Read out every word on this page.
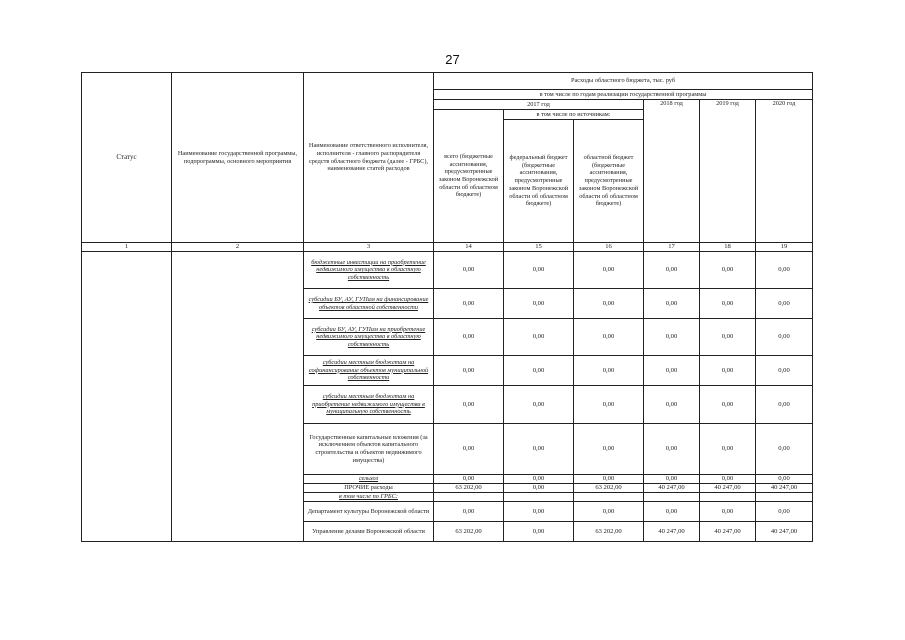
27
Статус	Наименование государственной программы, подпрограммы, основного мероприятия	Наименование ответственного исполнителя, исполнителя - главного распорядителя средств областного бюджета (далее - ГРБС), наименование статей расходов	Расходы областного бюджета, тыс. руб					
			в том числе по годам реализации государственной программы					
			2017 год			2018 год	2019 год	2020 год
			всего (бюджетные ассигнования, предусмотренные законом Воронежской области об областном бюджете)	в том числе по источникам:				
				федеральный бюджет (бюджетные ассигнования, предусмотренные законом Воронежской области об областном бюджете)	областной бюджет (бюджетные ассигнования, предусмотренные законом Воронежской области об областном бюджете)			
1	2	3	14	15	16	17	18	19
		бюджетные инвестиции на приобретение недвижимого имущества в областную собственность	0,00	0,00	0,00	0,00	0,00	0,00
		субсидии БУ, АУ, ГУПам на финансирование объектов областной собственности	0,00	0,00	0,00	0,00	0,00	0,00
		субсидии БУ, АУ, ГУПам на приобретение недвижимого имущества в областную собственность	0,00	0,00	0,00	0,00	0,00	0,00
		субсидии местным бюджетам на софинансирование объектов муниципальной собственности	0,00	0,00	0,00	0,00	0,00	0,00
		субсидии местным бюджетам на приобретение недвижимого имущества в муниципальную собственность	0,00	0,00	0,00	0,00	0,00	0,00
		Государственные капитальные вложения (за исключением объектов капитального строительства и объектов недвижимого имущества)	0,00	0,00	0,00	0,00	0,00	0,00
		сельхоз	0,00	0,00	0,00	0,00	0,00	0,00
		ПРОЧИЕ расходы	63 202,00	0,00	63 202,00	40 247,00	40 247,00	40 247,00
		в том числе по ГРБС:						
		Департамент культуры Воронежской области	0,00	0,00	0,00	0,00	0,00	0,00
		Управление делами Воронежской области	63 202,00	0,00	63 202,00	40 247,00	40 247,00	40 247,00
